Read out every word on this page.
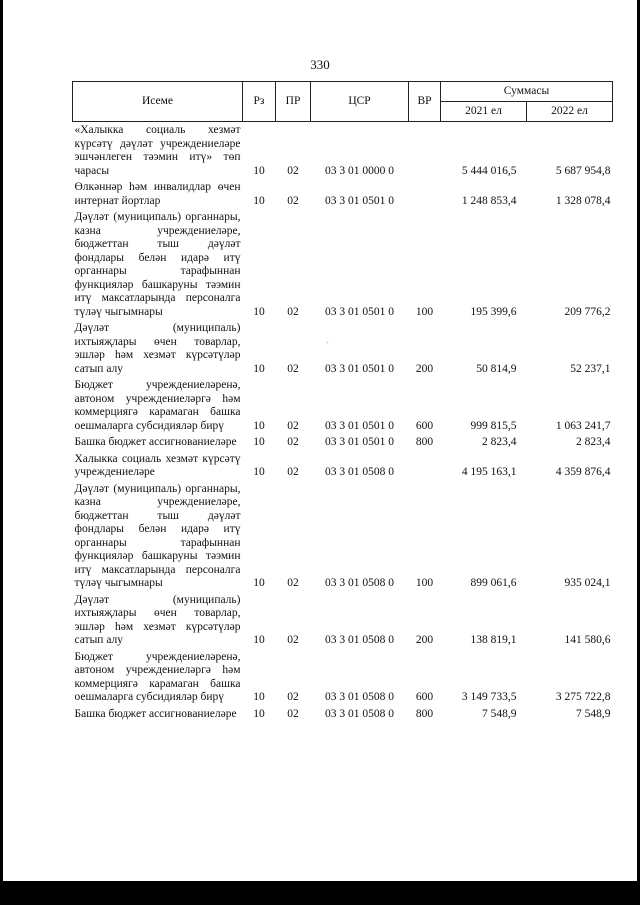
ᐟ
330
Исеме	Рз	ПР	ЦСР	ВР	Суммасы	
					2021 ел	2022 ел
«Халыкка социаль хезмәт күрсәтү дәүләт учреждениеләре эшчәнлеген тәэмин итү» төп чарасы	10	02	03 3 01 0000 0		5 444 016,5	5 687 954,8
Өлкәннәр һәм инвалидлар өчен интернат йортлар	10	02	03 3 01 0501 0		1 248 853,4	1 328 078,4
Дәүләт (муниципаль) органнары, казна учреждениеләре, бюджеттан тыш дәүләт фондлары белән идарә итү органнары тарафыннан функцияләр башкаруны тәэмин итү максатларында персоналга түләү чыгымнары	10	02	03 3 01 0501 0	100	195 399,6	209 776,2
Дәүләт (муниципаль) ихтыяҗлары өчен товарлар, эшләр һәм хезмәт күрсәтүләр сатып алу	10	02	03 3 01 0501 0	200	50 814,9	52 237,1
Бюджет учреждениеләренә, автоном учреждениеләргә һәм коммерциягә карамаган башка оешмаларга субсидияләр бирү	10	02	03 3 01 0501 0	600	999 815,5	1 063 241,7
Башка бюджет ассигнованиеләре	10	02	03 3 01 0501 0	800	2 823,4	2 823,4
Халыкка социаль хезмәт күрсәтү учреждениеләре	10	02	03 3 01 0508 0		4 195 163,1	4 359 876,4
Дәүләт (муниципаль) органнары, казна учреждениеләре, бюджеттан тыш дәүләт фондлары белән идарә итү органнары тарафыннан функцияләр башкаруны тәэмин итү максатларында персоналга түләү чыгымнары	10	02	03 3 01 0508 0	100	899 061,6	935 024,1
Дәүләт (муниципаль) ихтыяҗлары өчен товарлар, эшләр һәм хезмәт күрсәтүләр сатып алу	10	02	03 3 01 0508 0	200	138 819,1	141 580,6
Бюджет учреждениеләренә, автоном учреждениеләргә һәм коммерциягә карамаган башка оешмаларга субсидияләр бирү	10	02	03 3 01 0508 0	600	3 149 733,5	3 275 722,8
Башка бюджет ассигнованиеләре	10	02	03 3 01 0508 0	800	7 548,9	7 548,9
